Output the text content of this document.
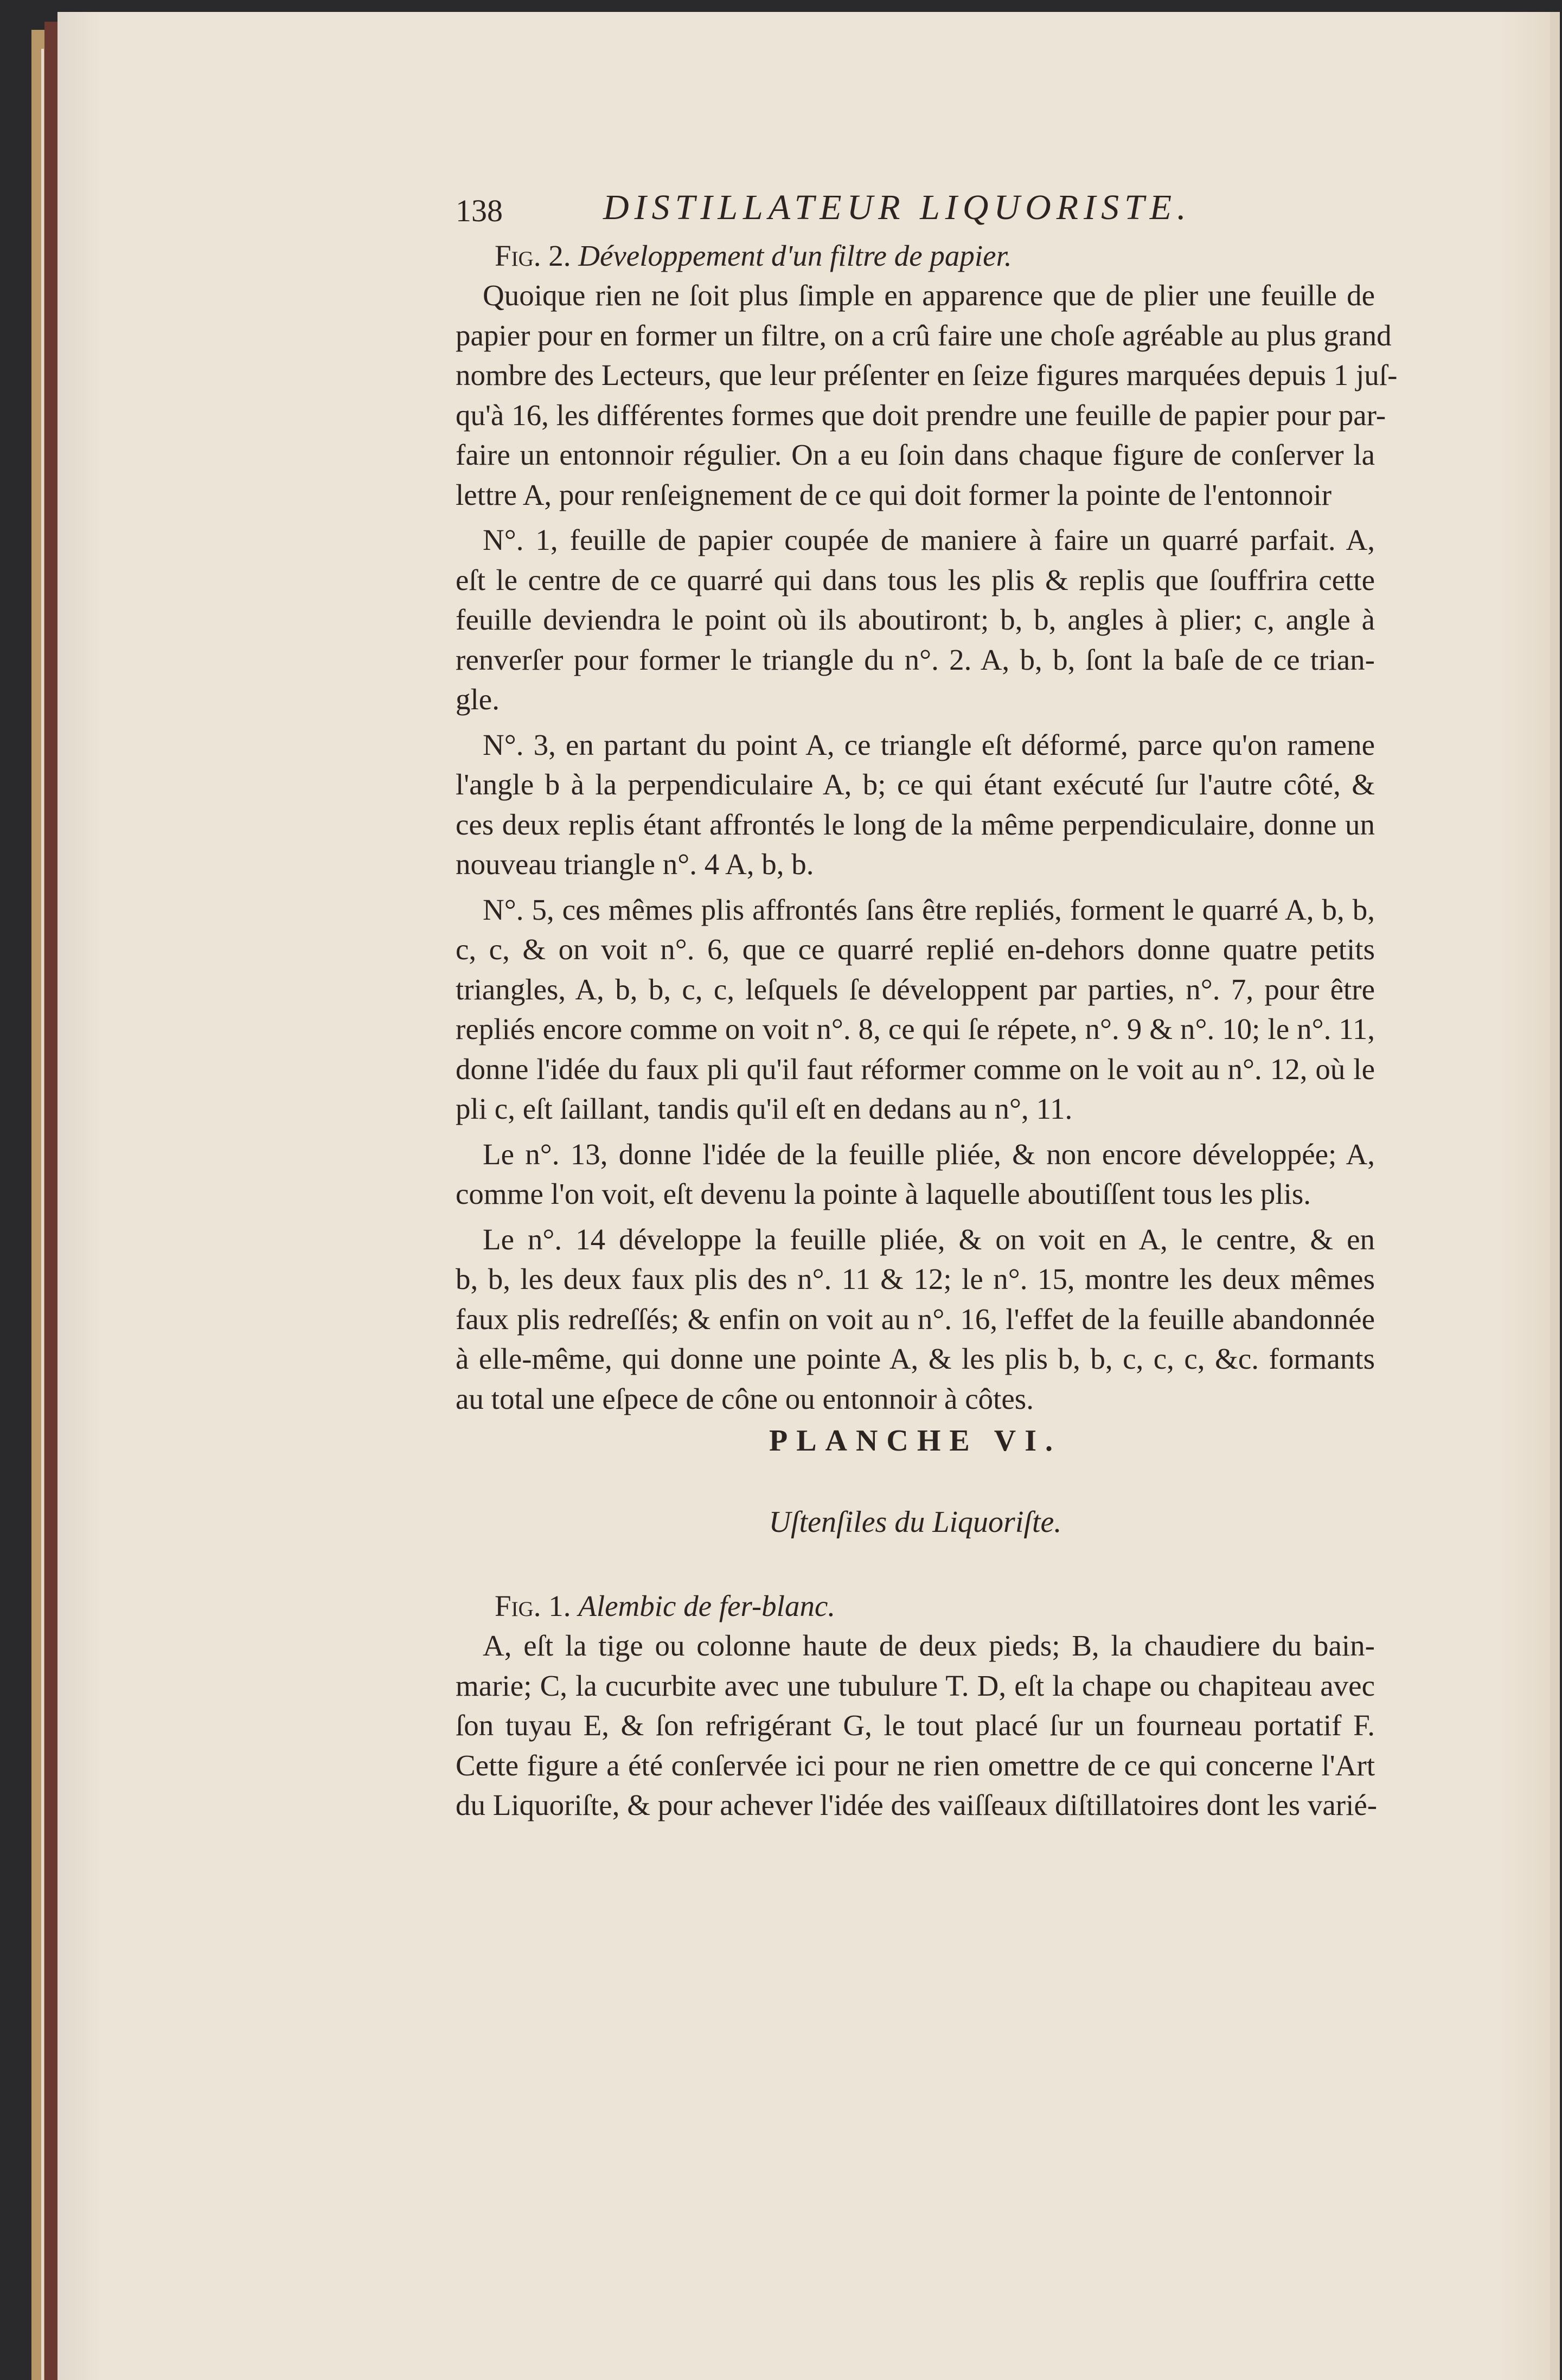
138	DISTILLATEUR LIQUORISTE.
Fig. 2. Développement d'un filtre de papier.
Quoique rien ne ſoit plus ſimple en apparence que de plier une feuille de
papier pour en former un filtre, on a crû faire une choſe agréable au plus grand
nombre des Lecteurs, que leur préſenter en ſeize figures marquées depuis 1 juſ-
qu'à 16, les différentes formes que doit prendre une feuille de papier pour par-
faire un entonnoir régulier. On a eu ſoin dans chaque figure de conſerver la
lettre A, pour renſeignement de ce qui doit former la pointe de l'entonnoir
N°. 1, feuille de papier coupée de maniere à faire un quarré parfait. A,
eſt le centre de ce quarré qui dans tous les plis & replis que ſouffrira cette
feuille deviendra le point où ils aboutiront; b, b, angles à plier; c, angle à
renverſer pour former le triangle du n°. 2. A, b, b, ſont la baſe de ce trian-
gle.
N°. 3, en partant du point A, ce triangle eſt déformé, parce qu'on ramene
l'angle b à la perpendiculaire A, b; ce qui étant exécuté ſur l'autre côté, &
ces deux replis étant affrontés le long de la même perpendiculaire, donne un
nouveau triangle n°. 4 A, b, b.
N°. 5, ces mêmes plis affrontés ſans être repliés, forment le quarré A, b, b,
c, c, & on voit n°. 6, que ce quarré replié en-dehors donne quatre petits
triangles, A, b, b, c, c, leſquels ſe développent par parties, n°. 7, pour être
repliés encore comme on voit n°. 8, ce qui ſe répete, n°. 9 & n°. 10; le n°. 11,
donne l'idée du faux pli qu'il faut réformer comme on le voit au n°. 12, où le
pli c, eſt ſaillant, tandis qu'il eſt en dedans au n°, 11.
Le n°. 13, donne l'idée de la feuille pliée, & non encore développée; A,
comme l'on voit, eſt devenu la pointe à laquelle aboutiſſent tous les plis.
Le n°. 14 développe la feuille pliée, & on voit en A, le centre, & en
b, b, les deux faux plis des n°. 11 & 12; le n°. 15, montre les deux mêmes
faux plis redreſſés; & enfin on voit au n°. 16, l'effet de la feuille abandonnée
à elle-même, qui donne une pointe A, & les plis b, b, c, c, c, &c. formants
au total une eſpece de cône ou entonnoir à côtes.
PLANCHE VI.
Uſtenſiles du Liquoriſte.
Fig. 1. Alembic de fer-blanc.
A, eſt la tige ou colonne haute de deux pieds; B, la chaudiere du bain-
marie; C, la cucurbite avec une tubulure T. D, eſt la chape ou chapiteau avec
ſon tuyau E, & ſon refrigérant G, le tout placé ſur un fourneau portatif F.
Cette figure a été conſervée ici pour ne rien omettre de ce qui concerne l'Art
du Liquoriſte, & pour achever l'idée des vaiſſeaux diſtillatoires dont les varié-
